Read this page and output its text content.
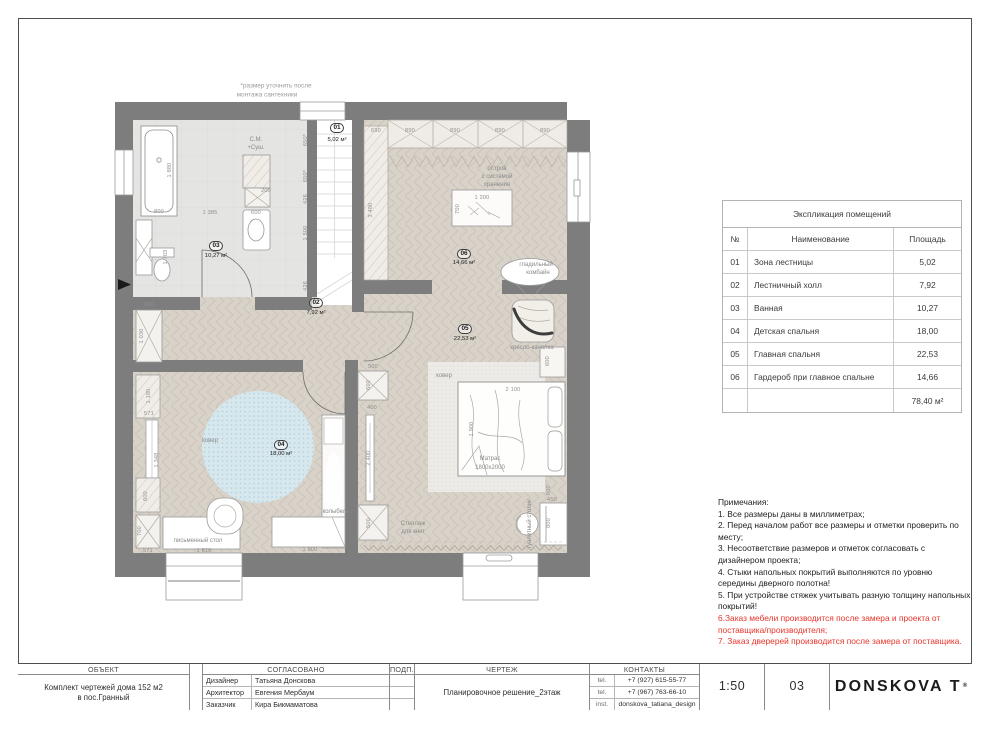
*размер уточнить после
монтажа сантехники
С.М.
+Суш.
остров
с системой
хранения
гладильный
комбайн
кресло-качалка
ковер
Матрас
1800х2000
ковер
колыбель
письменный стол
Стеллаж
для книг	туалетный столик
650*
650*
426
1 500
426
1 385	600
200
800
1 880
1 703
500
1 030
690	890	890	890	890
3 480
1 200
700
600
2 100
1 900
500
600
400
2 400
500
600
450
800
1 180
571
1 348
600
700
571	1 616	1 800
01
5,02 м²
02
7,92 м²
03
10,27 м²
04
18,00 м²
05
22,53 м²
06
14,66 м²
Экспликация помещений
№	Наименование	Площадь
01	Зона лестницы	5,02
02	Лестничный холл	7,92
03	Ванная	10,27
04	Детская спальня	18,00
05	Главная спальня	22,53
06	Гардероб при главное спальне	14,66
78,40 м²

Примечания:

1. Все размеры даны в миллиметрах;

2. Перед началом работ все размеры и отметки проверить по месту;

3. Несоответствие размеров и отметок согласовать с дизайнером проекта;

4. Стыки напольных покрытий выполняются по уровню середины дверного полотна!

5. При устройстве стяжек учитывать разную толщину напольных покрытий!

6.Заказ мебели производится после замера и проекта от поставщика/производителя;

7. Заказ дверерей производится после замера от поставщика.

ОБЪЕКТ
Комплект чертежей дома 152 м2
в пос.Гранный
СОГЛАСОВАНО
Дизайнер	Татьяна Донскова
Архитектор	Евгения Мербаум
Заказчик	Кира Бикмаматова
ПОДП.	ЧЕРТЕЖ
Планировочное решение_2этаж
КОНТАКТЫ
tel.	+7 (927) 615-55-77
tel.	+7 (967) 763-66-10
inst.	donskova_tatiana_design
1:50	03	DONSKOVA T ®
